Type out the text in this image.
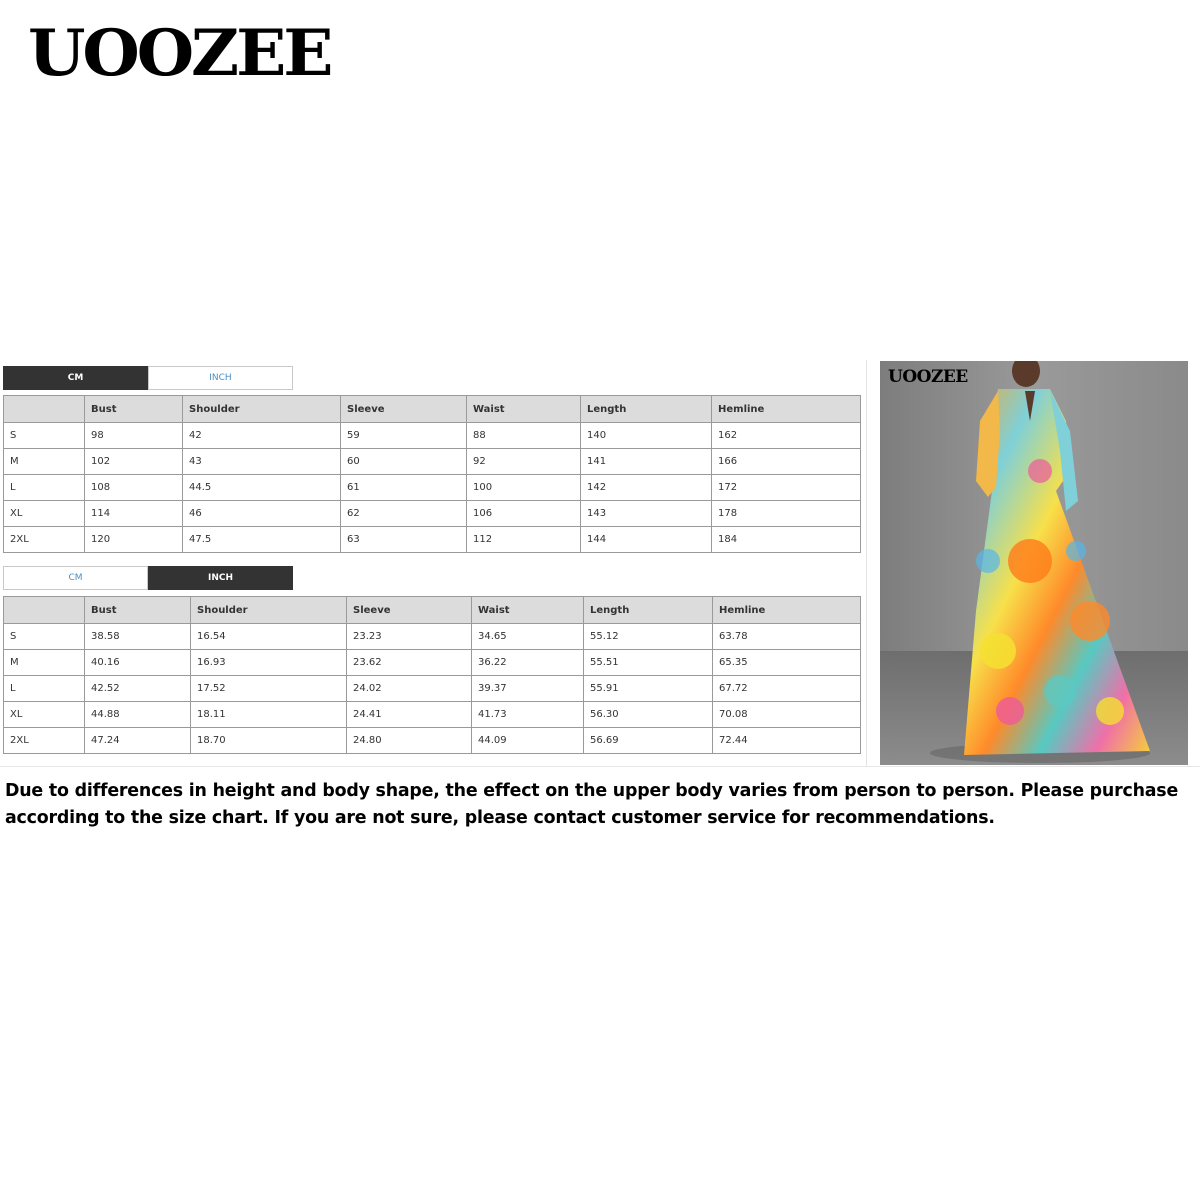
UOOZEE
CM	INCH
	Bust	Shoulder	Sleeve	Waist	Length	Hemline
S	98	42	59	88	140	162
M	102	43	60	92	141	166
L	108	44.5	61	100	142	172
XL	114	46	62	106	143	178
2XL	120	47.5	63	112	144	184
CM	INCH
	Bust	Shoulder	Sleeve	Waist	Length	Hemline
S	38.58	16.54	23.23	34.65	55.12	63.78
M	40.16	16.93	23.62	36.22	55.51	65.35
L	42.52	17.52	24.02	39.37	55.91	67.72
XL	44.88	18.11	24.41	41.73	56.30	70.08
2XL	47.24	18.70	24.80	44.09	56.69	72.44
UOOZEE
Due to differences in height and body shape, the effect on the upper body varies from person to person. Please purchase according to the size chart. If you are not sure, please contact customer service for recommendations.
